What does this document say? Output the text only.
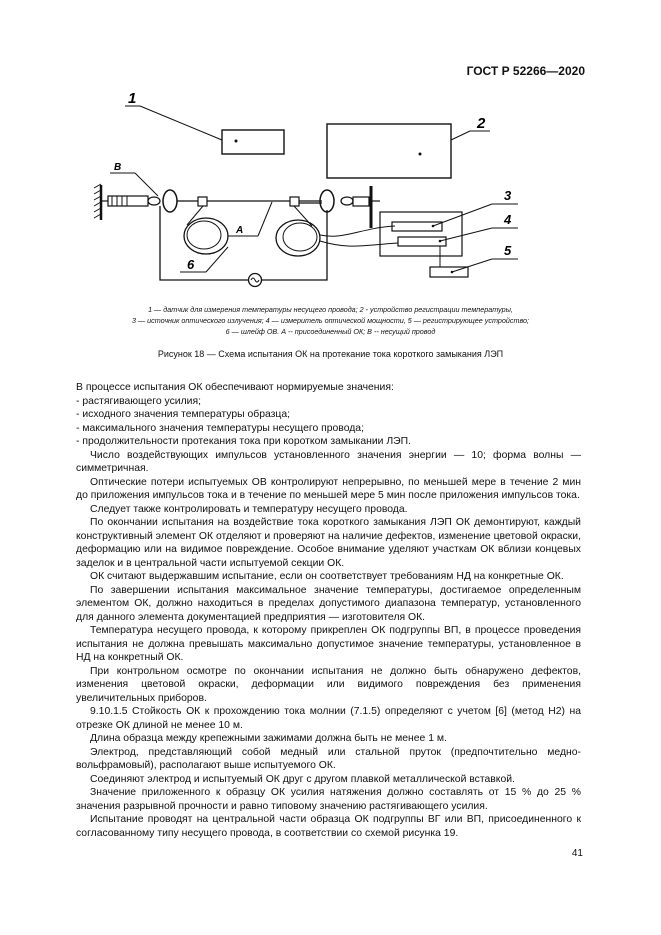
ГОСТ Р 52266—2020
1
2
B
A
6
3
4
5
1 — датчик для измерения температуры несущего провода; 2 - устройство регистрации температуры,
3 — источник оптического излучения; 4 — измеритель оптической мощности, 5 — регистрирующее устройство;
6 — шлейф ОВ. А -- присоединенный ОК; В -- несущий провод
Рисунок 18 — Схема испытания ОК на протекание тока короткого замыкания ЛЭП

В процессе испытания ОК обеспечивают нормируемые значения:

- растягивающего усилия;

- исходного значения температуры образца;

- максимального значения температуры несущего провода;

- продолжительности протекания тока при коротком замыкании ЛЭП.

Число воздействующих импульсов установленного значения энергии — 10; форма волны — симметричная.

Оптические потери испытуемых ОВ контролируют непрерывно, по меньшей мере в течение 2 мин до приложения импульсов тока и в течение по меньшей мере 5 мин после приложения импульсов тока.

Следует также контролировать и температуру несущего провода.

По окончании испытания на воздействие тока короткого замыкания ЛЭП ОК демонтируют, каждый конструктивный элемент ОК отделяют и проверяют на наличие дефектов, изменение цветовой окраски, деформацию или на видимое повреждение. Особое внимание уделяют участкам ОК вблизи концевых заделок и в центральной части испытуемой секции ОК.

ОК считают выдержавшим испытание, если он соответствует требованиям НД на конкретные ОК.

По завершении испытания максимальное значение температуры, достигаемое определенным элементом ОК, должно находиться в пределах допустимого диапазона температур, установленного для данного элемента документацией предприятия — изготовителя ОК.

Температура несущего провода, к которому прикреплен ОК подгруппы ВП, в процессе проведения испытания не должна превышать максимально допустимое значение температуры, установленное в НД на конкретный ОК.

При контрольном осмотре по окончании испытания не должно быть обнаружено дефектов, изменения цветовой окраски, деформации или видимого повреждения без применения увеличительных приборов.

9.10.1.5 Стойкость ОК к прохождению тока молнии (7.1.5) определяют с учетом [6] (метод Н2) на отрезке ОК длиной не менее 10 м.

Длина образца между крепежными зажимами должна быть не менее 1 м.

Электрод, представляющий собой медный или стальной пруток (предпочтительно медно-вольфрамовый), располагают выше испытуемого ОК.

Соединяют электрод и испытуемый ОК друг с другом плавкой металлической вставкой.

Значение приложенного к образцу ОК усилия натяжения должно составлять от 15 % до 25 % значения разрывной прочности и равно типовому значению растягивающего усилия.

Испытание проводят на центральной части образца ОК подгруппы ВГ или ВП, присоединенного к согласованному типу несущего провода, в соответствии со схемой рисунка 19.

41
